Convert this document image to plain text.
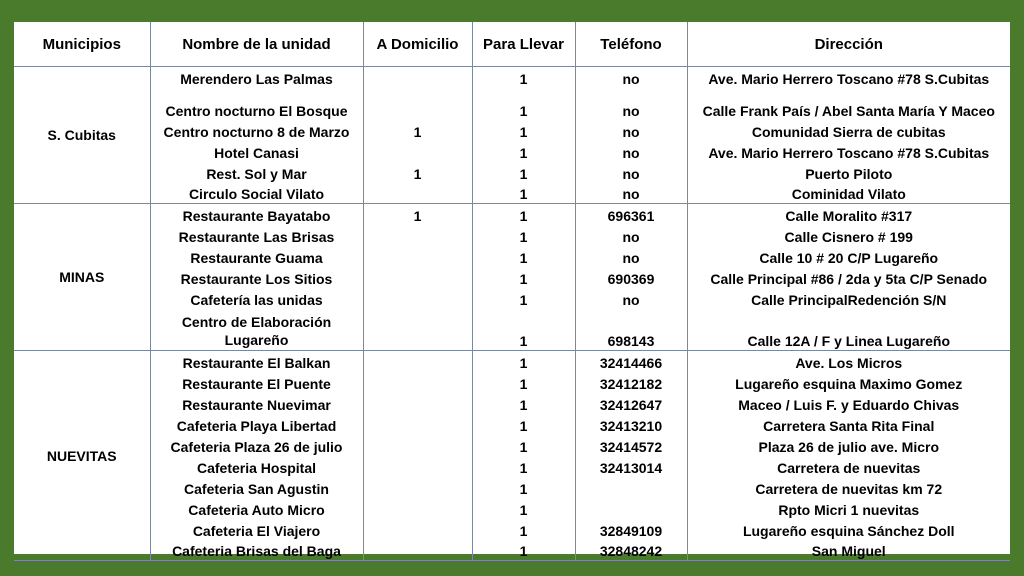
Municipios	Nombre de la unidad	A Domicilio	Para Llevar	Teléfono	Dirección
S. Cubitas	Merendero Las Palmas		1	no	Ave. Mario Herrero Toscano #78 S.Cubitas
	Centro nocturno El Bosque		1	no	Calle Frank País / Abel Santa María Y Maceo
	Centro nocturno 8 de Marzo	1	1	no	Comunidad Sierra de cubitas
	Hotel Canasi		1	no	Ave. Mario Herrero Toscano #78 S.Cubitas
	Rest. Sol y Mar	1	1	no	Puerto Piloto
	Circulo Social Vilato		1	no	Cominidad Vilato
MINAS	Restaurante Bayatabo	1	1	696361	Calle Moralito #317
	Restaurante Las Brisas		1	no	Calle Cisnero # 199
	Restaurante Guama		1	no	Calle 10 # 20 C/P Lugareño
	Restaurante Los Sitios		1	690369	Calle Principal #86 / 2da y 5ta C/P Senado
	Cafetería las unidas		1	no	Calle PrincipalRedención S/N
	Centro de Elaboración Lugareño		1	698143	Calle 12A / F y Linea Lugareño
NUEVITAS	Restaurante El Balkan		1	32414466	Ave. Los Micros
	Restaurante El Puente		1	32412182	Lugareño esquina Maximo Gomez
	Restaurante Nuevimar		1	32412647	Maceo / Luis F. y Eduardo Chivas
	Cafeteria Playa Libertad		1	32413210	Carretera Santa Rita Final
	Cafeteria Plaza 26 de julio		1	32414572	Plaza 26 de julio ave. Micro
	Cafeteria Hospital		1	32413014	Carretera de nuevitas
	Cafeteria San Agustin		1		Carretera de nuevitas km 72
	Cafeteria Auto Micro		1		Rpto Micri 1 nuevitas
	Cafeteria El Viajero		1	32849109	Lugareño esquina Sánchez Doll
	Cafeteria Brisas del Baga		1	32848242	San Miguel
